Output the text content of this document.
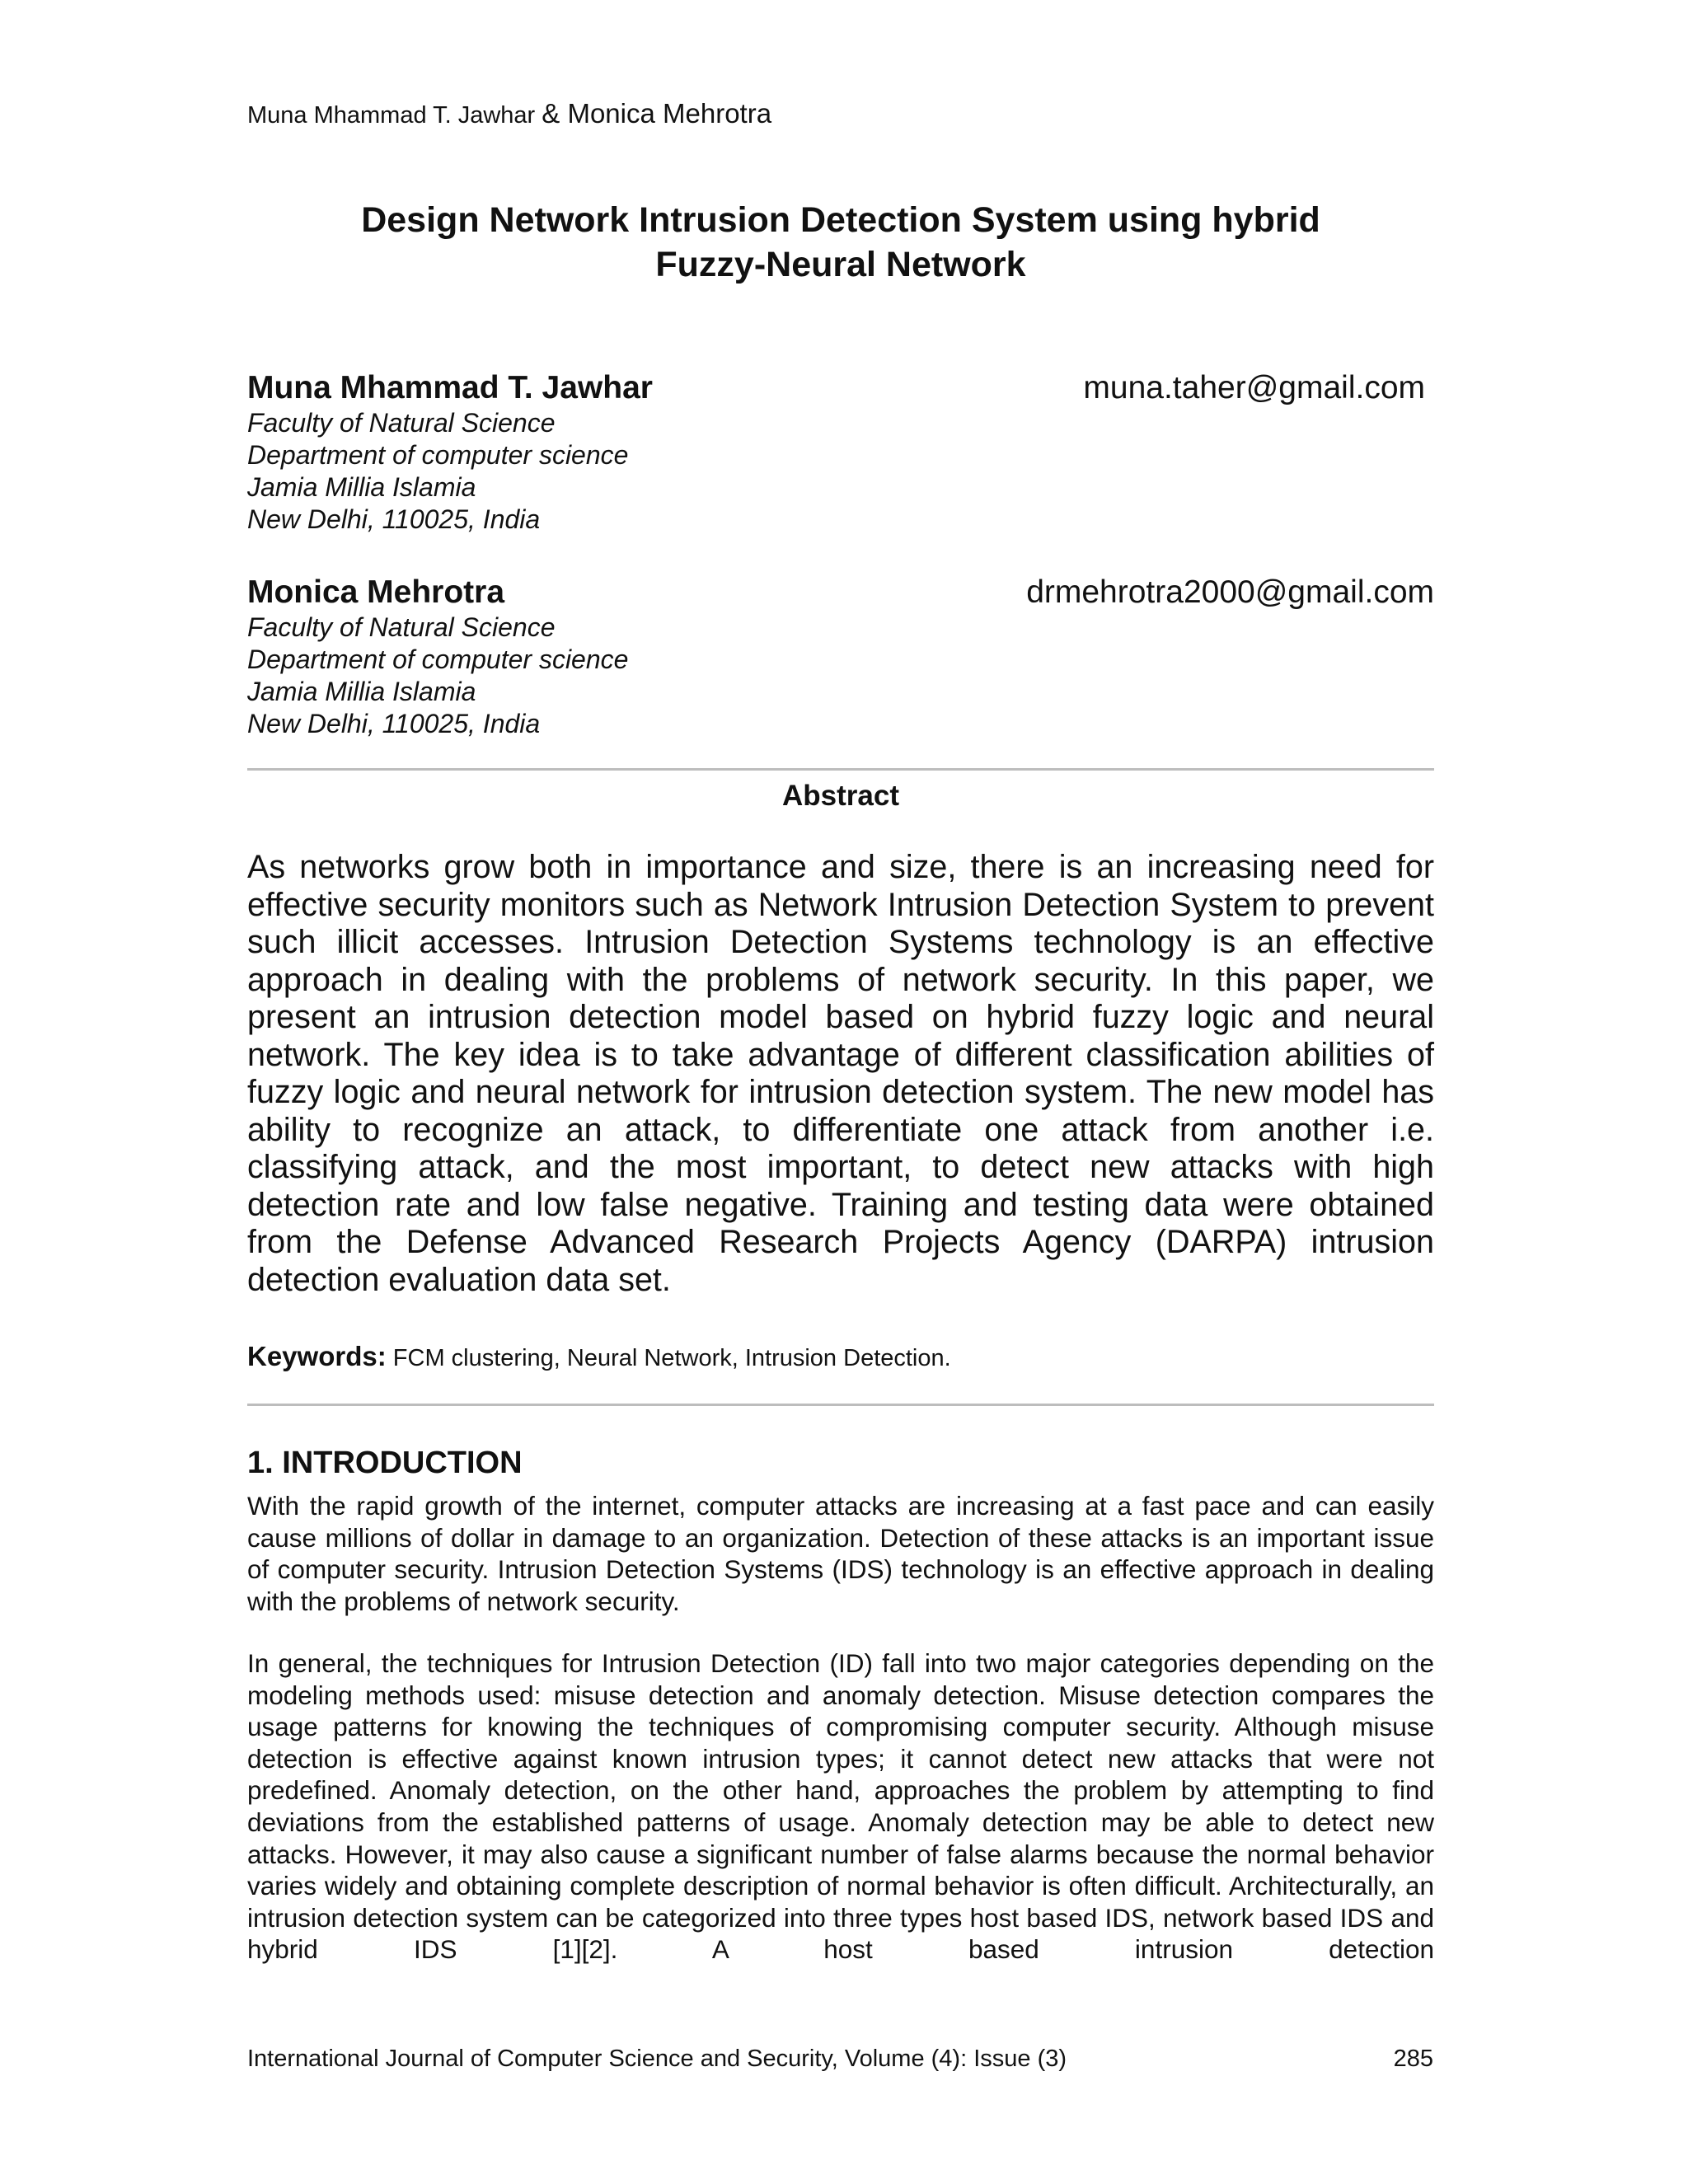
Muna Mhammad T. Jawhar & Monica Mehrotra
Design Network Intrusion Detection System using hybrid
Fuzzy-Neural Network
Muna Mhammad T. Jawhar	muna.taher@gmail.com
Faculty of Natural Science
Department of computer science
Jamia Millia Islamia
New Delhi, 110025, India
Monica Mehrotra	drmehrotra2000@gmail.com
Faculty of Natural Science
Department of computer science
Jamia Millia Islamia
New Delhi, 110025, India
Abstract

As networks grow both in importance and size, there is an increasing need for effective security monitors such as Network Intrusion Detection System to prevent such illicit accesses. Intrusion Detection Systems technology is an effective approach in dealing with the problems of network security. In this paper, we present an intrusion detection model based on hybrid fuzzy logic and neural network. The key idea is to take advantage of different classification abilities of fuzzy logic and neural network for intrusion detection system. The new model has ability to recognize an attack, to differentiate one attack from another i.e. classifying attack, and the most important, to detect new attacks with high detection rate and low false negative. Training and testing data were obtained from the Defense Advanced Research Projects Agency (DARPA) intrusion detection evaluation data set.

Keywords: FCM clustering, Neural Network, Intrusion Detection.
1. INTRODUCTION

With the rapid growth of the internet, computer attacks are increasing at a fast pace and can easily cause millions of dollar in damage to an organization. Detection of these attacks is an important issue of computer security. Intrusion Detection Systems (IDS) technology is an effective approach in dealing with the problems of network security.

In general, the techniques for Intrusion Detection (ID) fall into two major categories depending on the modeling methods used: misuse detection and anomaly detection. Misuse detection compares the usage patterns for knowing the techniques of compromising computer security. Although misuse detection is effective against known intrusion types; it cannot detect new attacks that were not predefined. Anomaly detection, on the other hand, approaches the problem by attempting to find deviations from the established patterns of usage. Anomaly detection may be able to detect new attacks. However, it may also cause a significant number of false alarms because the normal behavior varies widely and obtaining complete description of normal behavior is often difficult. Architecturally, an intrusion detection system can be categorized into three types host based IDS, network based IDS and hybrid IDS [1][2]. A host based intrusion detection

International Journal of Computer Science and Security, Volume (4): Issue (3)	285
